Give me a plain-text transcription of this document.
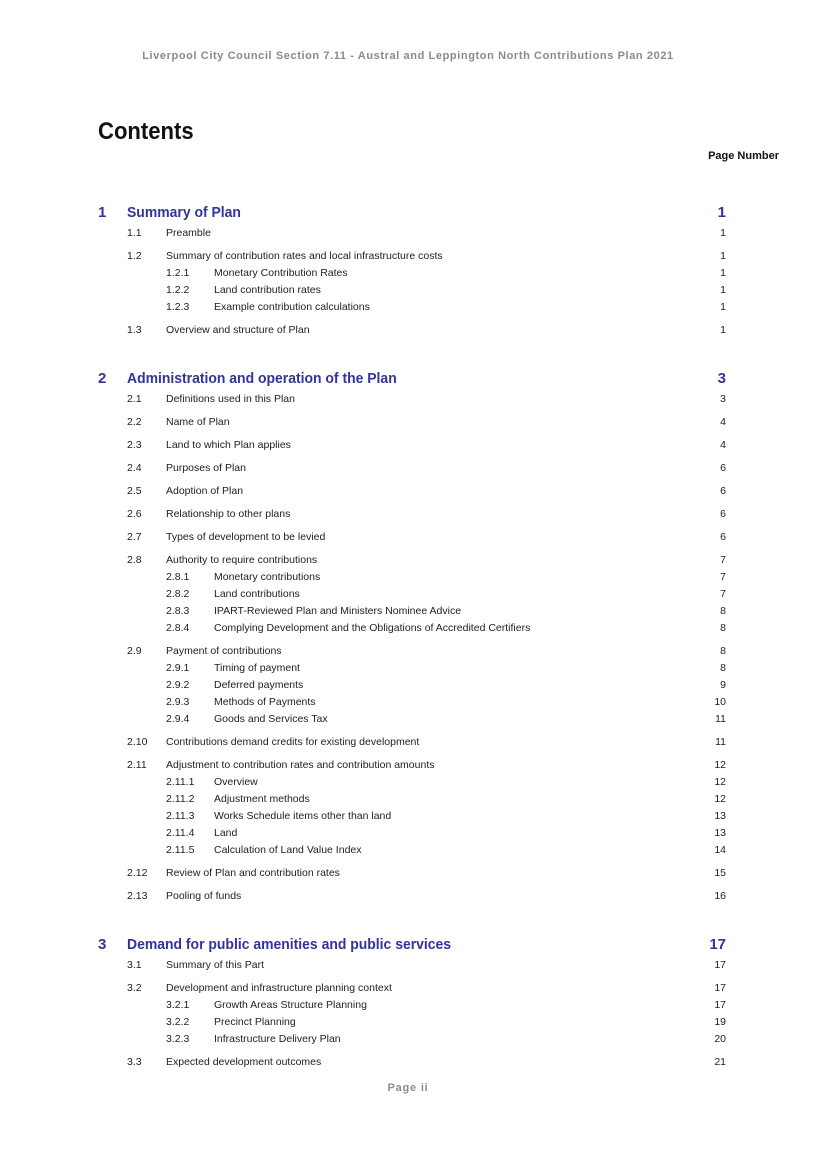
Liverpool City Council Section 7.11 - Austral and Leppington North Contributions Plan 2021
Contents
Page Number
1 Summary of Plan	1
1.1 Preamble	1
1.2 Summary of contribution rates and local infrastructure costs	1
1.2.1 Monetary Contribution Rates	1
1.2.2 Land contribution rates	1
1.2.3 Example contribution calculations	1
1.3 Overview and structure of Plan	1
2 Administration and operation of the Plan	3
2.1 Definitions used in this Plan	3
2.2 Name of Plan	4
2.3 Land to which Plan applies	4
2.4 Purposes of Plan	6
2.5 Adoption of Plan	6
2.6 Relationship to other plans	6
2.7 Types of development to be levied	6
2.8 Authority to require contributions	7
2.8.1 Monetary contributions	7
2.8.2 Land contributions	7
2.8.3 IPART-Reviewed Plan and Ministers Nominee Advice	8
2.8.4 Complying Development and the Obligations of Accredited Certifiers	8
2.9 Payment of contributions	8
2.9.1 Timing of payment	8
2.9.2 Deferred payments	9
2.9.3 Methods of Payments	10
2.9.4 Goods and Services Tax	11
2.10 Contributions demand credits for existing development	11
2.11 Adjustment to contribution rates and contribution amounts	12
2.11.1 Overview	12
2.11.2 Adjustment methods	12
2.11.3 Works Schedule items other than land	13
2.11.4 Land	13
2.11.5 Calculation of Land Value Index	14
2.12 Review of Plan and contribution rates	15
2.13 Pooling of funds	16
3 Demand for public amenities and public services	17
3.1 Summary of this Part	17
3.2 Development and infrastructure planning context	17
3.2.1 Growth Areas Structure Planning	17
3.2.2 Precinct Planning	19
3.2.3 Infrastructure Delivery Plan	20
3.3 Expected development outcomes	21
Page ii
